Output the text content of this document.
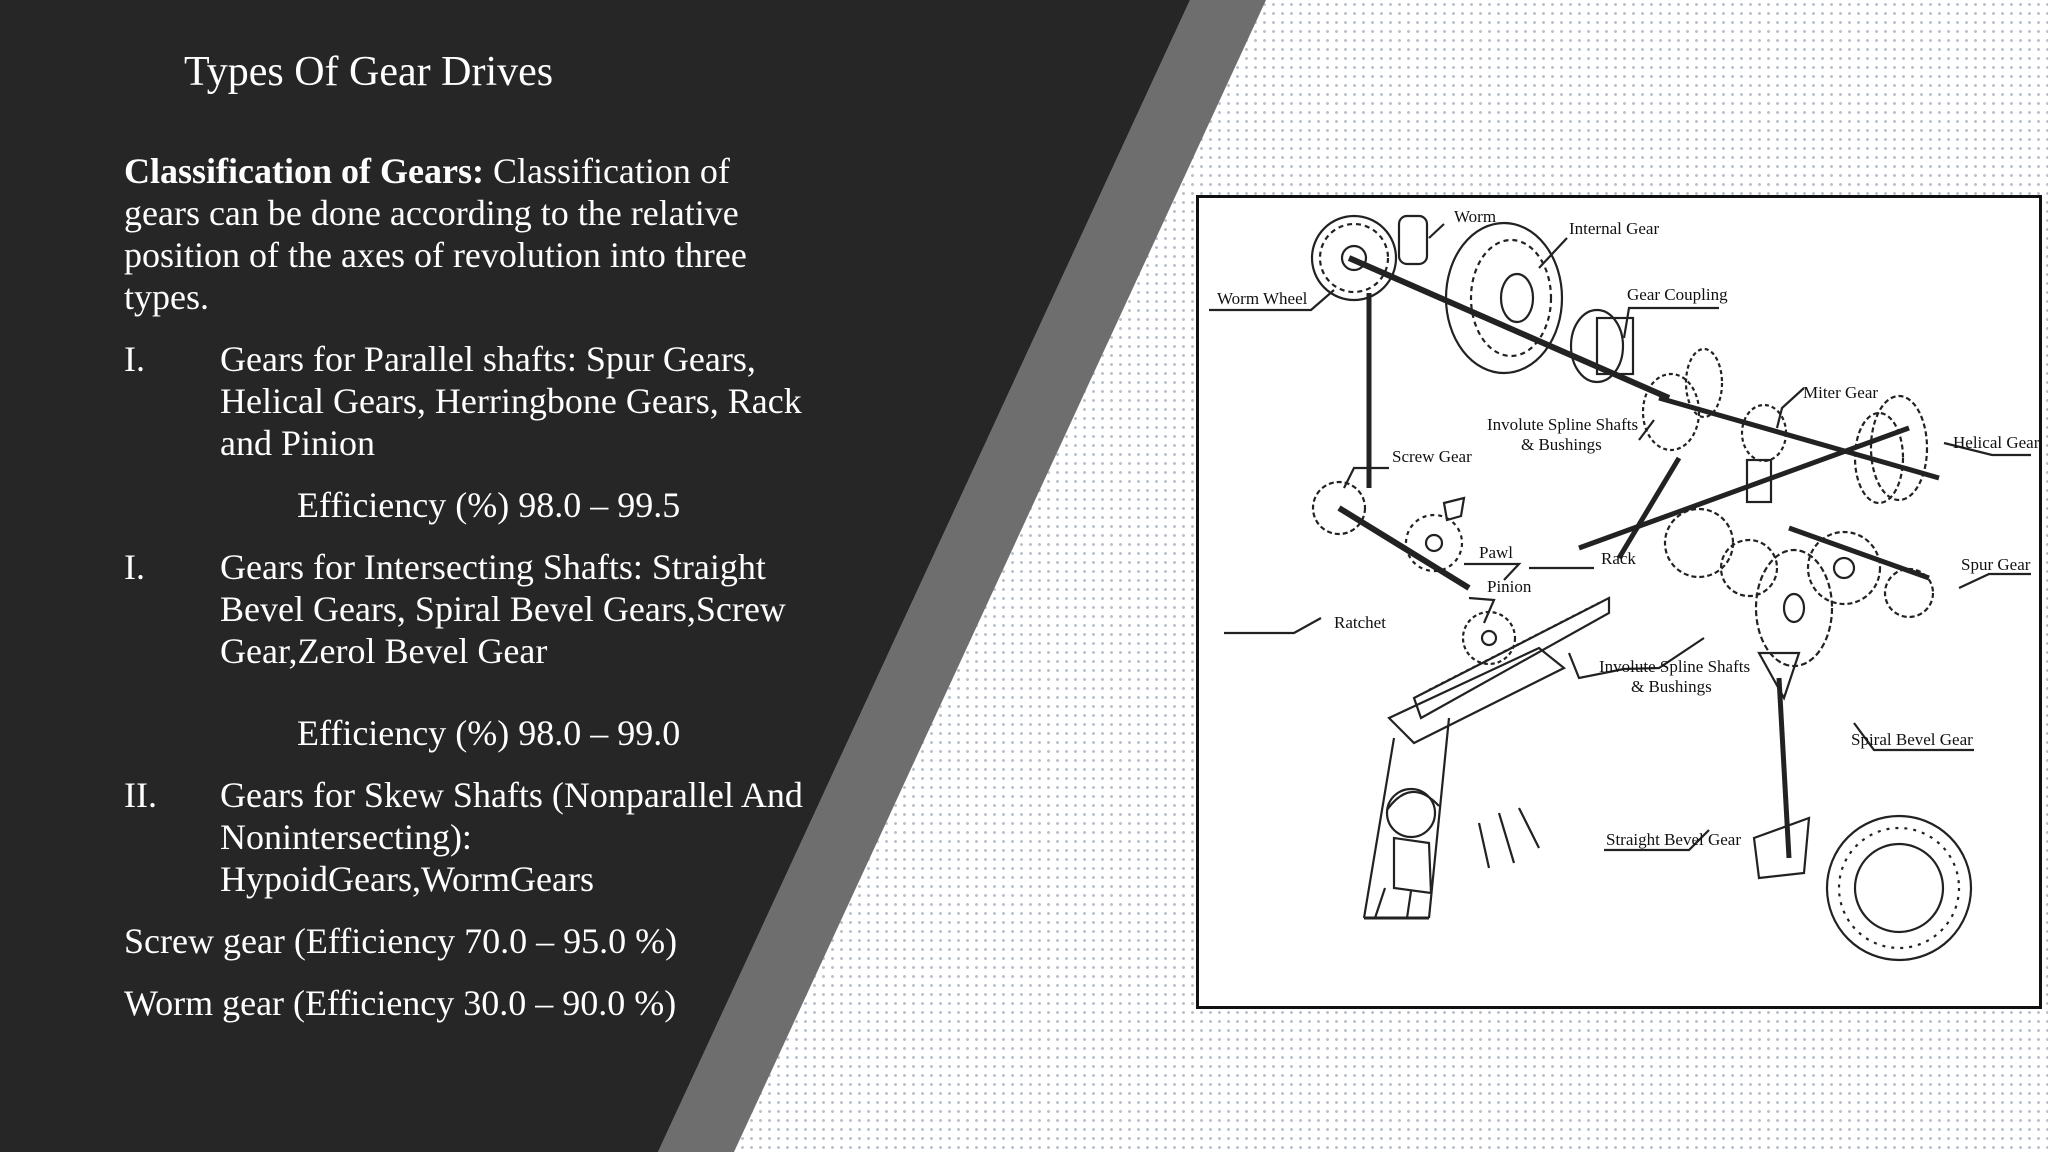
Types Of Gear Drives

Classification of Gears: Classification of gears can be done according to the relative position of the axes of revolution into three types.

I. Gears for Parallel shafts: Spur Gears, Helical Gears, Herringbone Gears, Rack and Pinion
Efficiency (%) 98.0 – 99.5
I. Gears for Intersecting Shafts: Straight Bevel Gears, Spiral Bevel Gears,Screw Gear,Zerol Bevel Gear
Efficiency (%) 98.0 – 99.0
II. Gears for Skew Shafts (Nonparallel And Nonintersecting): HypoidGears,WormGears

Screw gear (Efficiency 70.0 – 95.0 %)

Worm gear (Efficiency 30.0 – 90.0 %)

Worm
Internal Gear
Worm Wheel	Gear Coupling
Miter Gear
Involute Spline Shafts
& Bushings
Screw Gear
Helical Gear
Pawl	Rack
Pinion
Spur Gear
Ratchet
Involute Spline Shafts
& Bushings
Spiral Bevel Gear
Straight Bevel Gear
